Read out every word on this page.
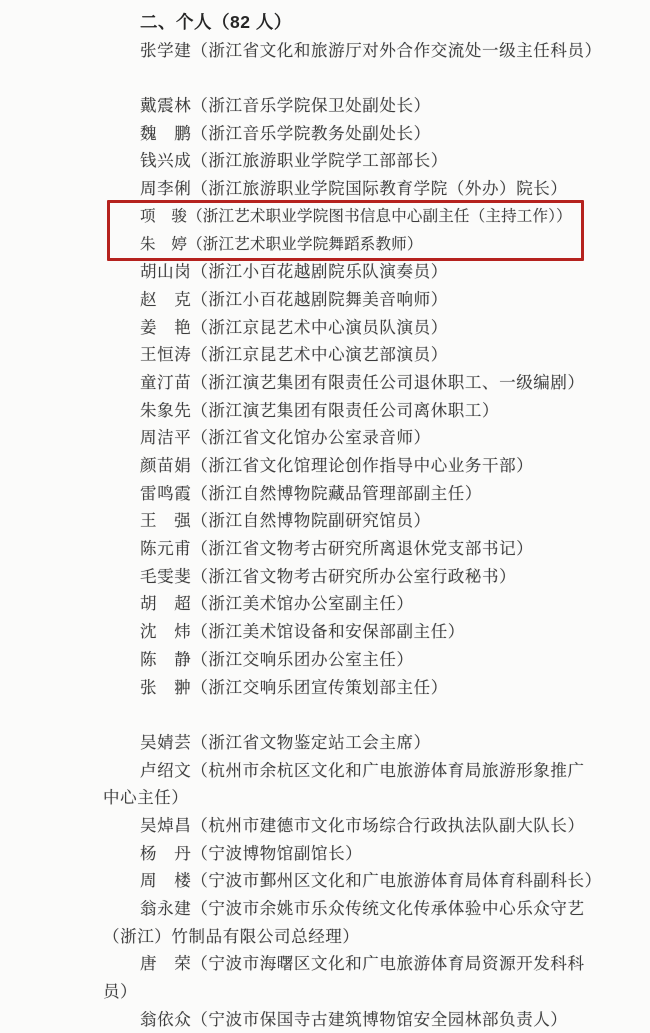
二、个人（82 人）
张学建（浙江省文化和旅游厅对外合作交流处一级主任科员）

戴震林（浙江音乐学院保卫处副处长）
魏　鹏（浙江音乐学院教务处副处长）
钱兴成（浙江旅游职业学院学工部部长）
周李俐（浙江旅游职业学院国际教育学院（外办）院长）
项　骏（浙江艺术职业学院图书信息中心副主任（主持工作））
朱　婷（浙江艺术职业学院舞蹈系教师）
胡山岗（浙江小百花越剧院乐队演奏员）
赵　克（浙江小百花越剧院舞美音响师）
姜　艳（浙江京昆艺术中心演员队演员）
王恒涛（浙江京昆艺术中心演艺部演员）
童汀苗（浙江演艺集团有限责任公司退休职工、一级编剧）
朱象先（浙江演艺集团有限责任公司离休职工）
周洁平（浙江省文化馆办公室录音师）
颜苗娟（浙江省文化馆理论创作指导中心业务干部）
雷鸣霞（浙江自然博物院藏品管理部副主任）
王　强（浙江自然博物院副研究馆员）
陈元甫（浙江省文物考古研究所离退休党支部书记）
毛雯斐（浙江省文物考古研究所办公室行政秘书）
胡　超（浙江美术馆办公室副主任）
沈　炜（浙江美术馆设备和安保部副主任）
陈　静（浙江交响乐团办公室主任）
张　翀（浙江交响乐团宣传策划部主任）

吴婧芸（浙江省文物鉴定站工会主席）
卢绍文（杭州市余杭区文化和广电旅游体育局旅游形象推广
中心主任）
吴焯昌（杭州市建德市文化市场综合行政执法队副大队长）
杨　丹（宁波博物馆副馆长）
周　楼（宁波市鄞州区文化和广电旅游体育局体育科副科长）
翁永建（宁波市余姚市乐众传统文化传承体验中心乐众守艺
（浙江）竹制品有限公司总经理）
唐　荣（宁波市海曙区文化和广电旅游体育局资源开发科科
员）
翁依众（宁波市保国寺古建筑博物馆安全园林部负责人）
